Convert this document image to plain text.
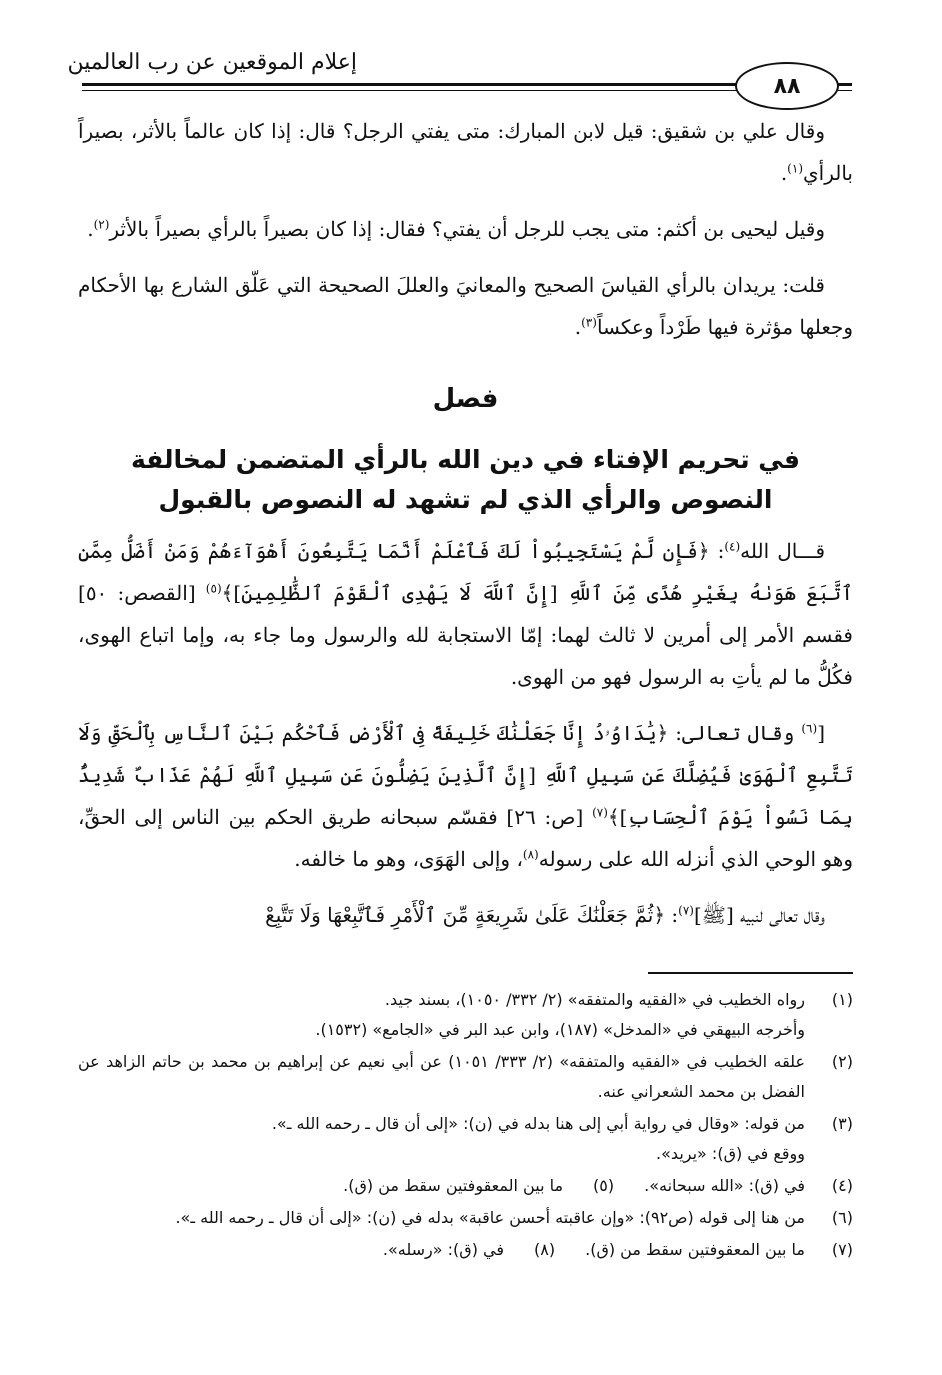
إعلام الموقعين عن رب العالمين
٨٨

وقال علي بن شقيق: قيل لابن المبارك: متى يفتي الرجل؟ قال: إذا كان عالماً بالأثر، بصيراً بالرأي$^{(١)}$.

وقيل ليحيى بن أكثم: متى يجب للرجل أن يفتي؟ فقال: إذا كان بصيراً بالرأي بصيراً بالأثر$^{(٢)}$.

قلت: يريدان بالرأي القياسَ الصحيح والمعانيَ والعللَ الصحيحة التي عَلّق الشارع بها الأحكام وجعلها مؤثرة فيها طَرْداً وعكساً$^{(٣)}$.

فصل
في تحريم الإفتاء في دين الله بالرأي المتضمن لمخالفة
النصوص والرأي الذي لم تشهد له النصوص بالقبول

قـــال الله$^{(٤)}$: ﴿فَإِن لَّمْ يَسْتَجِيبُواْ لَكَ فَٱعْلَمْ أَنَّمَا يَتَّبِعُونَ أَهْوَآءَهُمْ وَمَنْ أَضَلُّ مِمَّنِ ٱتَّبَعَ هَوَىٰهُ بِغَيْرِ هُدًى مِّنَ ٱللَّهِ [إِنَّ ٱللَّهَ لَا يَهْدِى ٱلْقَوْمَ ٱلظَّٰلِمِينَ]﴾$^{(٥)}$ [القصص: ٥٠] فقسم الأمر إلى أمرين لا ثالث لهما: إمّا الاستجابة لله والرسول وما جاء به، وإما اتباع الهوى، فكُلُّ ما لم يأتِ به الرسول فهو من الهوى.

[$^{(٦)}$ وقال تعالى: ﴿يَٰدَاوُۥدُ إِنَّا جَعَلْنَٰكَ خَلِيفَةً فِى ٱلْأَرْضِ فَٱحْكُم بَيْنَ ٱلنَّاسِ بِٱلْحَقِّ وَلَا تَتَّبِعِ ٱلْهَوَىٰ فَيُضِلَّكَ عَن سَبِيلِ ٱللَّهِ [إِنَّ ٱلَّذِينَ يَضِلُّونَ عَن سَبِيلِ ٱللَّهِ لَهُمْ عَذَابٌ شَدِيدٌۢ بِمَا نَسُواْ يَوْمَ ٱلْحِسَابِ]﴾$^{(٧)}$ [ص: ٢٦] فقسّم سبحانه طريق الحكم بين الناس إلى الحقِّ، وهو الوحي الذي أنزله الله على رسوله$^{(٨)}$، وإلى الهَوَى، وهو ما خالفه.

وقال تعالى لنبيه [ﷺ]$^{(٧)}$: ﴿ثُمَّ جَعَلْنَٰكَ عَلَىٰ شَرِيعَةٍ مِّنَ ٱلْأَمْرِ فَٱتَّبِعْهَا وَلَا تَتَّبِعْ

(١)
رواه الخطيب في «الفقيه والمتفقه» (٢/ ٣٣٢/ ١٠٥٠)، بسند جيد.
وأخرجه البيهقي في «المدخل» (١٨٧)، وابن عبد البر في «الجامع» (١٥٣٢).
(٢)
علقه الخطيب في «الفقيه والمتفقه» (٢/ ٣٣٣/ ١٠٥١) عن أبي نعيم عن إبراهيم بن محمد بن حاتم الزاهد عن الفضل بن محمد الشعراني عنه.
(٣)
من قوله: «وقال في رواية أبي إلى هنا بدله في (ن): «إلى أن قال ـ رحمه الله ـ».
ووقع في (ق): «يريد».
(٤)
في (ق): «الله سبحانه».
(٥)
ما بين المعقوفتين سقط من (ق).
(٦)
من هنا إلى قوله (ص٩٢): «وإن عاقبته أحسن عاقبة» بدله في (ن): «إلى أن قال ـ رحمه الله ـ».
(٧)
ما بين المعقوفتين سقط من (ق).
(٨)
في (ق): «رسله».
